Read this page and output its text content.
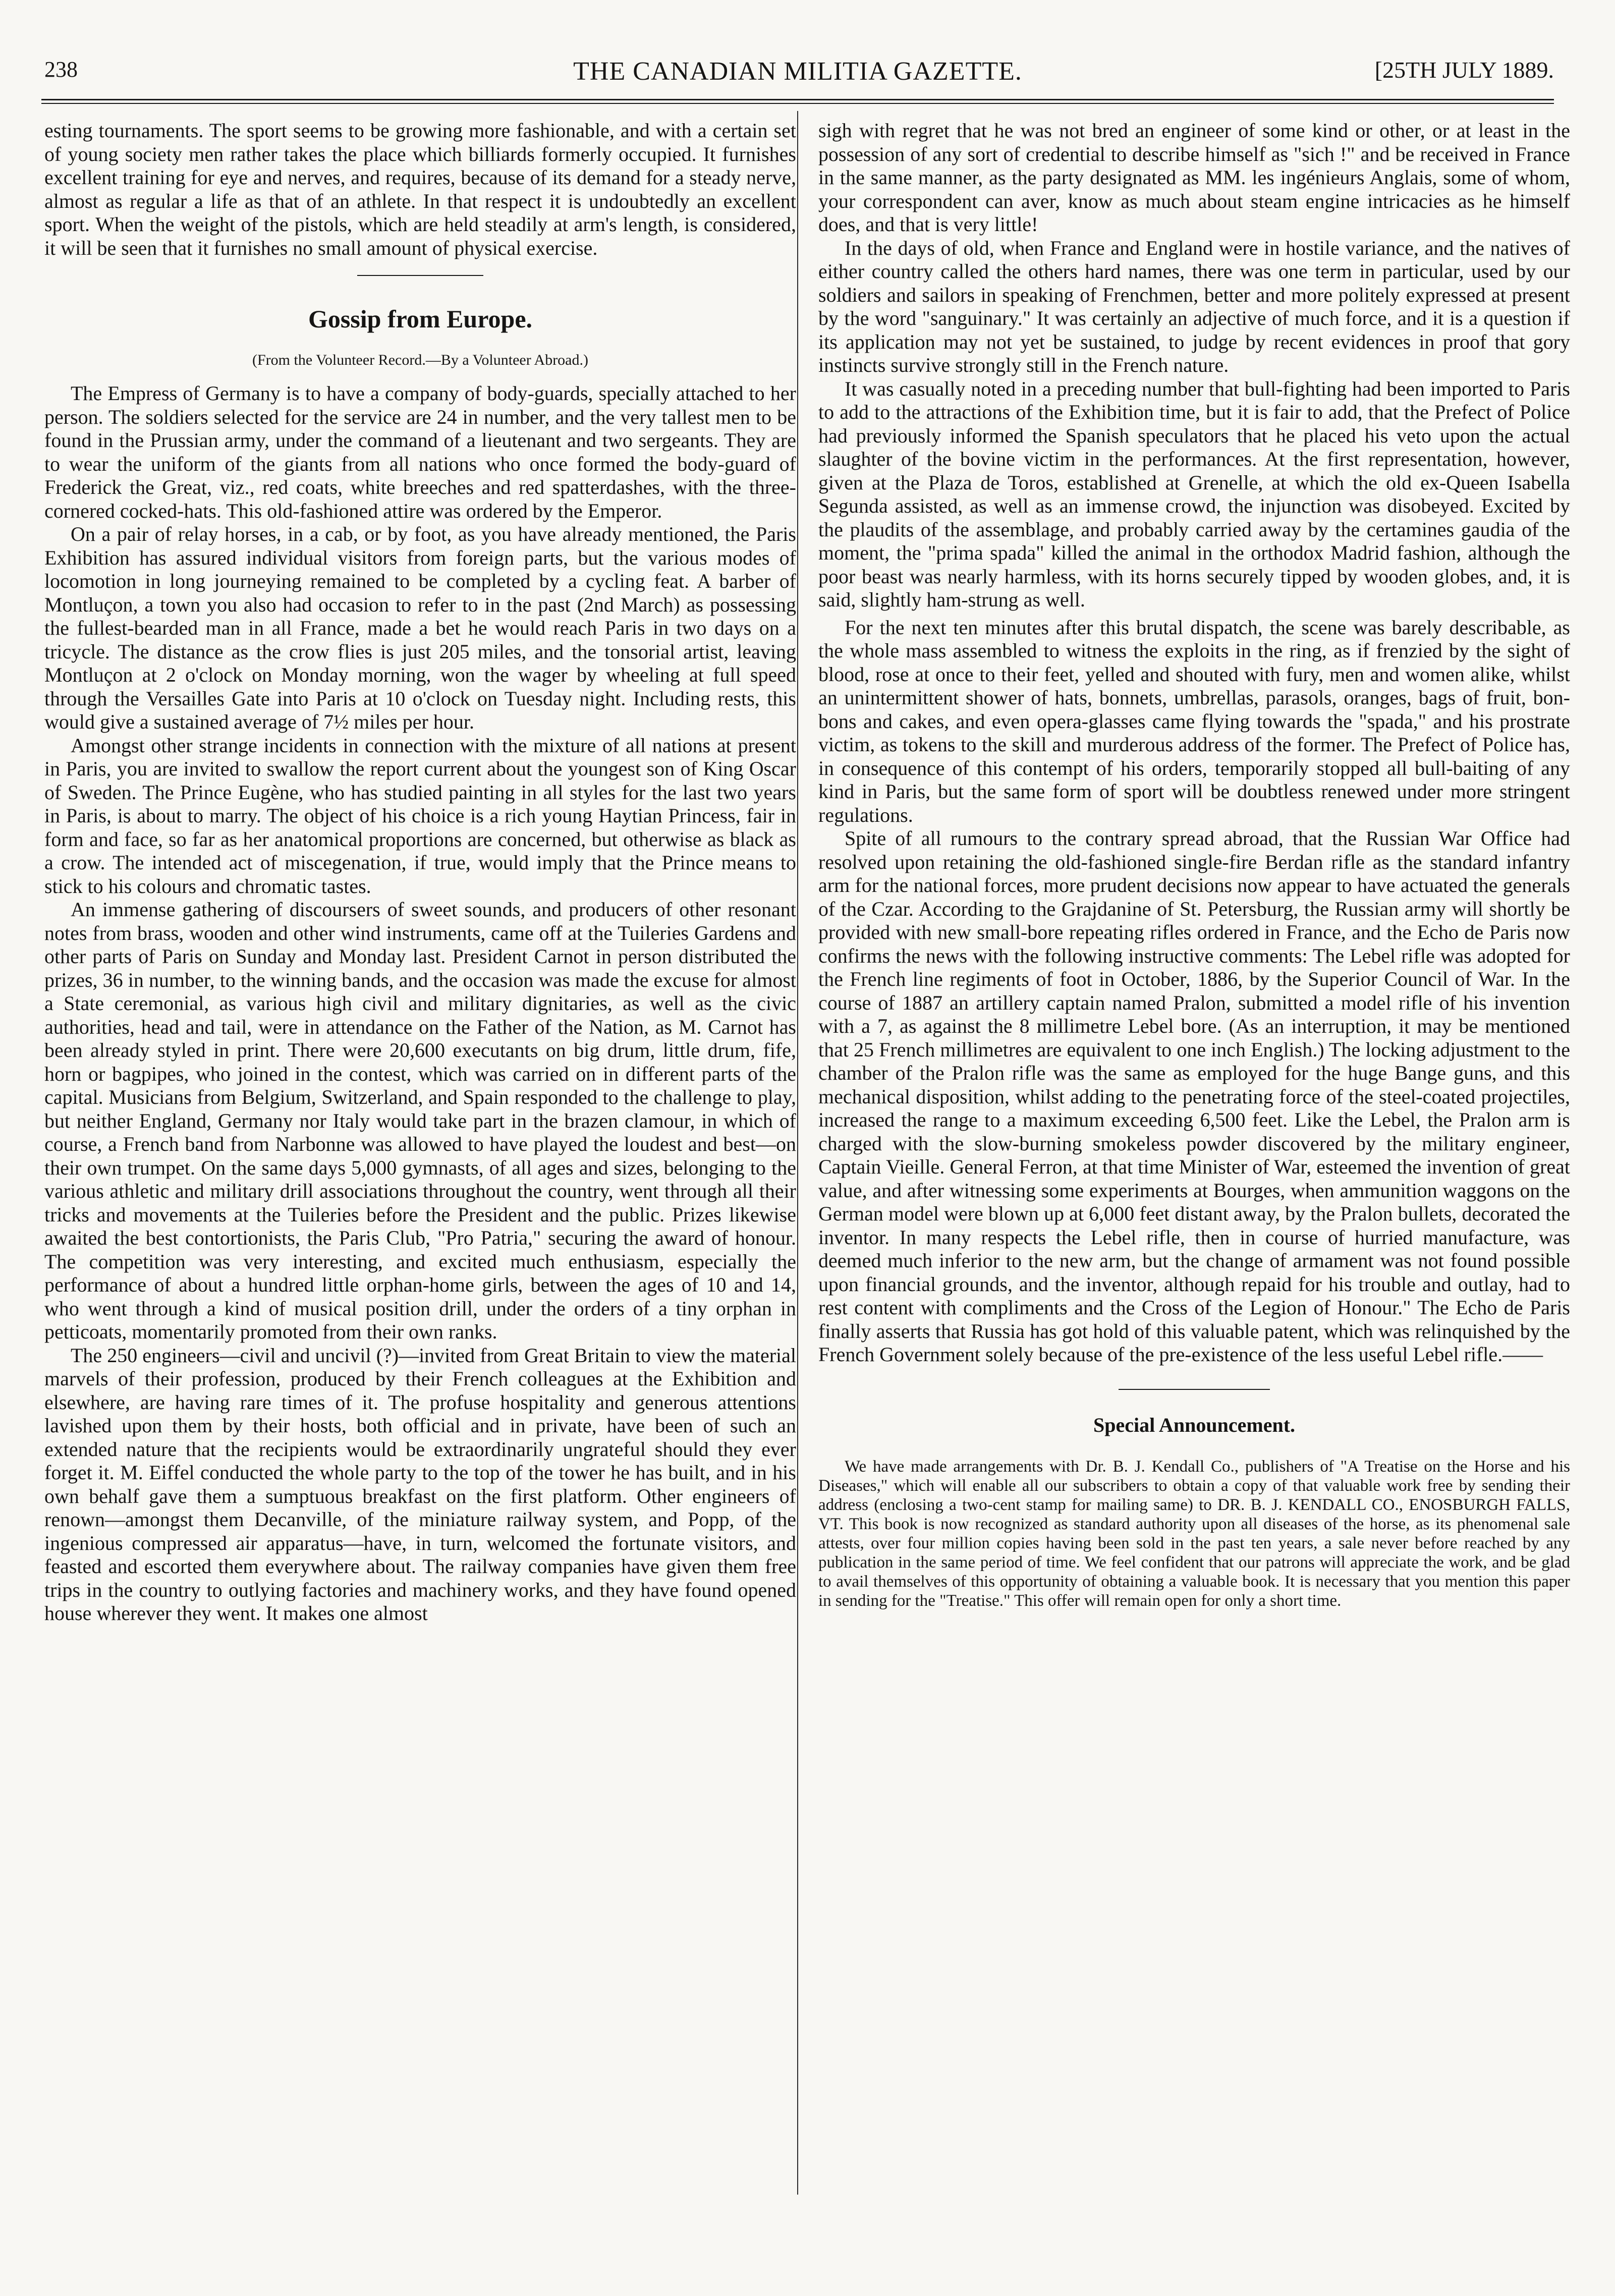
238	THE CANADIAN MILITIA GAZETTE.	[25TH JULY 1889.

esting tournaments. The sport seems to be growing more fashionable, and with a certain set of young society men rather takes the place which billiards formerly occupied. It furnishes excellent training for eye and nerves, and requires, because of its demand for a steady nerve, almost as regular a life as that of an athlete. In that respect it is undoubtedly an excellent sport. When the weight of the pistols, which are held steadily at arm's length, is considered, it will be seen that it furnishes no small amount of physical exercise.

Gossip from Europe.
(From the Volunteer Record.—By a Volunteer Abroad.)

The Empress of Germany is to have a company of body-guards, specially attached to her person. The soldiers selected for the service are 24 in number, and the very tallest men to be found in the Prussian army, under the command of a lieutenant and two sergeants. They are to wear the uniform of the giants from all nations who once formed the body-guard of Frederick the Great, viz., red coats, white breeches and red spatterdashes, with the three-cornered cocked-hats. This old-fashioned attire was ordered by the Emperor.

On a pair of relay horses, in a cab, or by foot, as you have already mentioned, the Paris Exhibition has assured individual visitors from foreign parts, but the various modes of locomotion in long journeying remained to be completed by a cycling feat. A barber of Montluçon, a town you also had occasion to refer to in the past (2nd March) as possessing the fullest-bearded man in all France, made a bet he would reach Paris in two days on a tricycle. The distance as the crow flies is just 205 miles, and the tonsorial artist, leaving Montluçon at 2 o'clock on Monday morning, won the wager by wheeling at full speed through the Versailles Gate into Paris at 10 o'clock on Tuesday night. Including rests, this would give a sustained average of 7½ miles per hour.

Amongst other strange incidents in connection with the mixture of all nations at present in Paris, you are invited to swallow the report current about the youngest son of King Oscar of Sweden. The Prince Eugène, who has studied painting in all styles for the last two years in Paris, is about to marry. The object of his choice is a rich young Haytian Princess, fair in form and face, so far as her anatomical proportions are concerned, but otherwise as black as a crow. The intended act of miscegenation, if true, would imply that the Prince means to stick to his colours and chromatic tastes.

An immense gathering of discoursers of sweet sounds, and producers of other resonant notes from brass, wooden and other wind instruments, came off at the Tuileries Gardens and other parts of Paris on Sunday and Monday last. President Carnot in person distributed the prizes, 36 in number, to the winning bands, and the occasion was made the excuse for almost a State ceremonial, as various high civil and military dignitaries, as well as the civic authorities, head and tail, were in attendance on the Father of the Nation, as M. Carnot has been already styled in print. There were 20,600 executants on big drum, little drum, fife, horn or bagpipes, who joined in the contest, which was carried on in different parts of the capital. Musicians from Belgium, Switzerland, and Spain responded to the challenge to play, but neither England, Germany nor Italy would take part in the brazen clamour, in which of course, a French band from Narbonne was allowed to have played the loudest and best—on their own trumpet. On the same days 5,000 gymnasts, of all ages and sizes, belonging to the various athletic and military drill associations throughout the country, went through all their tricks and movements at the Tuileries before the President and the public. Prizes likewise awaited the best contortionists, the Paris Club, "Pro Patria," securing the award of honour. The competition was very interesting, and excited much enthusiasm, especially the performance of about a hundred little orphan-home girls, between the ages of 10 and 14, who went through a kind of musical position drill, under the orders of a tiny orphan in petticoats, momentarily promoted from their own ranks.

The 250 engineers—civil and uncivil (?)—invited from Great Britain to view the material marvels of their profession, produced by their French colleagues at the Exhibition and elsewhere, are having rare times of it. The profuse hospitality and generous attentions lavished upon them by their hosts, both official and in private, have been of such an extended nature that the recipients would be extraordinarily ungrateful should they ever forget it. M. Eiffel conducted the whole party to the top of the tower he has built, and in his own behalf gave them a sumptuous breakfast on the first platform. Other engineers of renown—amongst them Decanville, of the miniature railway system, and Popp, of the ingenious compressed air apparatus—have, in turn, welcomed the fortunate visitors, and feasted and escorted them everywhere about. The railway companies have given them free trips in the country to outlying factories and machinery works, and they have found opened house wherever they went. It makes one almost

sigh with regret that he was not bred an engineer of some kind or other, or at least in the possession of any sort of credential to describe himself as "sich !" and be received in France in the same manner, as the party designated as MM. les ingénieurs Anglais, some of whom, your correspondent can aver, know as much about steam engine intricacies as he himself does, and that is very little!

In the days of old, when France and England were in hostile variance, and the natives of either country called the others hard names, there was one term in particular, used by our soldiers and sailors in speaking of Frenchmen, better and more politely expressed at present by the word "sanguinary." It was certainly an adjective of much force, and it is a question if its application may not yet be sustained, to judge by recent evidences in proof that gory instincts survive strongly still in the French nature.

It was casually noted in a preceding number that bull-fighting had been imported to Paris to add to the attractions of the Exhibition time, but it is fair to add, that the Prefect of Police had previously informed the Spanish speculators that he placed his veto upon the actual slaughter of the bovine victim in the performances. At the first representation, however, given at the Plaza de Toros, established at Grenelle, at which the old ex-Queen Isabella Segunda assisted, as well as an immense crowd, the injunction was disobeyed. Excited by the plaudits of the assemblage, and probably carried away by the certamines gaudia of the moment, the "prima spada" killed the animal in the orthodox Madrid fashion, although the poor beast was nearly harmless, with its horns securely tipped by wooden globes, and, it is said, slightly ham-strung as well.

For the next ten minutes after this brutal dispatch, the scene was barely describable, as the whole mass assembled to witness the exploits in the ring, as if frenzied by the sight of blood, rose at once to their feet, yelled and shouted with fury, men and women alike, whilst an unintermittent shower of hats, bonnets, umbrellas, parasols, oranges, bags of fruit, bon-bons and cakes, and even opera-glasses came flying towards the "spada," and his prostrate victim, as tokens to the skill and murderous address of the former. The Prefect of Police has, in consequence of this contempt of his orders, temporarily stopped all bull-baiting of any kind in Paris, but the same form of sport will be doubtless renewed under more stringent regulations.

Spite of all rumours to the contrary spread abroad, that the Russian War Office had resolved upon retaining the old-fashioned single-fire Berdan rifle as the standard infantry arm for the national forces, more prudent decisions now appear to have actuated the generals of the Czar. According to the Grajdanine of St. Petersburg, the Russian army will shortly be provided with new small-bore repeating rifles ordered in France, and the Echo de Paris now confirms the news with the following instructive comments: The Lebel rifle was adopted for the French line regiments of foot in October, 1886, by the Superior Council of War. In the course of 1887 an artillery captain named Pralon, submitted a model rifle of his invention with a 7, as against the 8 millimetre Lebel bore. (As an interruption, it may be mentioned that 25 French millimetres are equivalent to one inch English.) The locking adjustment to the chamber of the Pralon rifle was the same as employed for the huge Bange guns, and this mechanical disposition, whilst adding to the penetrating force of the steel-coated projectiles, increased the range to a maximum exceeding 6,500 feet. Like the Lebel, the Pralon arm is charged with the slow-burning smokeless powder discovered by the military engineer, Captain Vieille. General Ferron, at that time Minister of War, esteemed the invention of great value, and after witnessing some experiments at Bourges, when ammunition waggons on the German model were blown up at 6,000 feet distant away, by the Pralon bullets, decorated the inventor. In many respects the Lebel rifle, then in course of hurried manufacture, was deemed much inferior to the new arm, but the change of armament was not found possible upon financial grounds, and the inventor, although repaid for his trouble and outlay, had to rest content with compliments and the Cross of the Legion of Honour." The Echo de Paris finally asserts that Russia has got hold of this valuable patent, which was relinquished by the French Government solely because of the pre-existence of the less useful Lebel rifle.——

Special Announcement.

We have made arrangements with Dr. B. J. Kendall Co., publishers of "A Treatise on the Horse and his Diseases," which will enable all our subscribers to obtain a copy of that valuable work free by sending their address (enclosing a two-cent stamp for mailing same) to DR. B. J. KENDALL CO., ENOSBURGH FALLS, VT. This book is now recognized as standard authority upon all diseases of the horse, as its phenomenal sale attests, over four million copies having been sold in the past ten years, a sale never before reached by any publication in the same period of time. We feel confident that our patrons will appreciate the work, and be glad to avail themselves of this opportunity of obtaining a valuable book. It is necessary that you mention this paper in sending for the "Treatise." This offer will remain open for only a short time.
